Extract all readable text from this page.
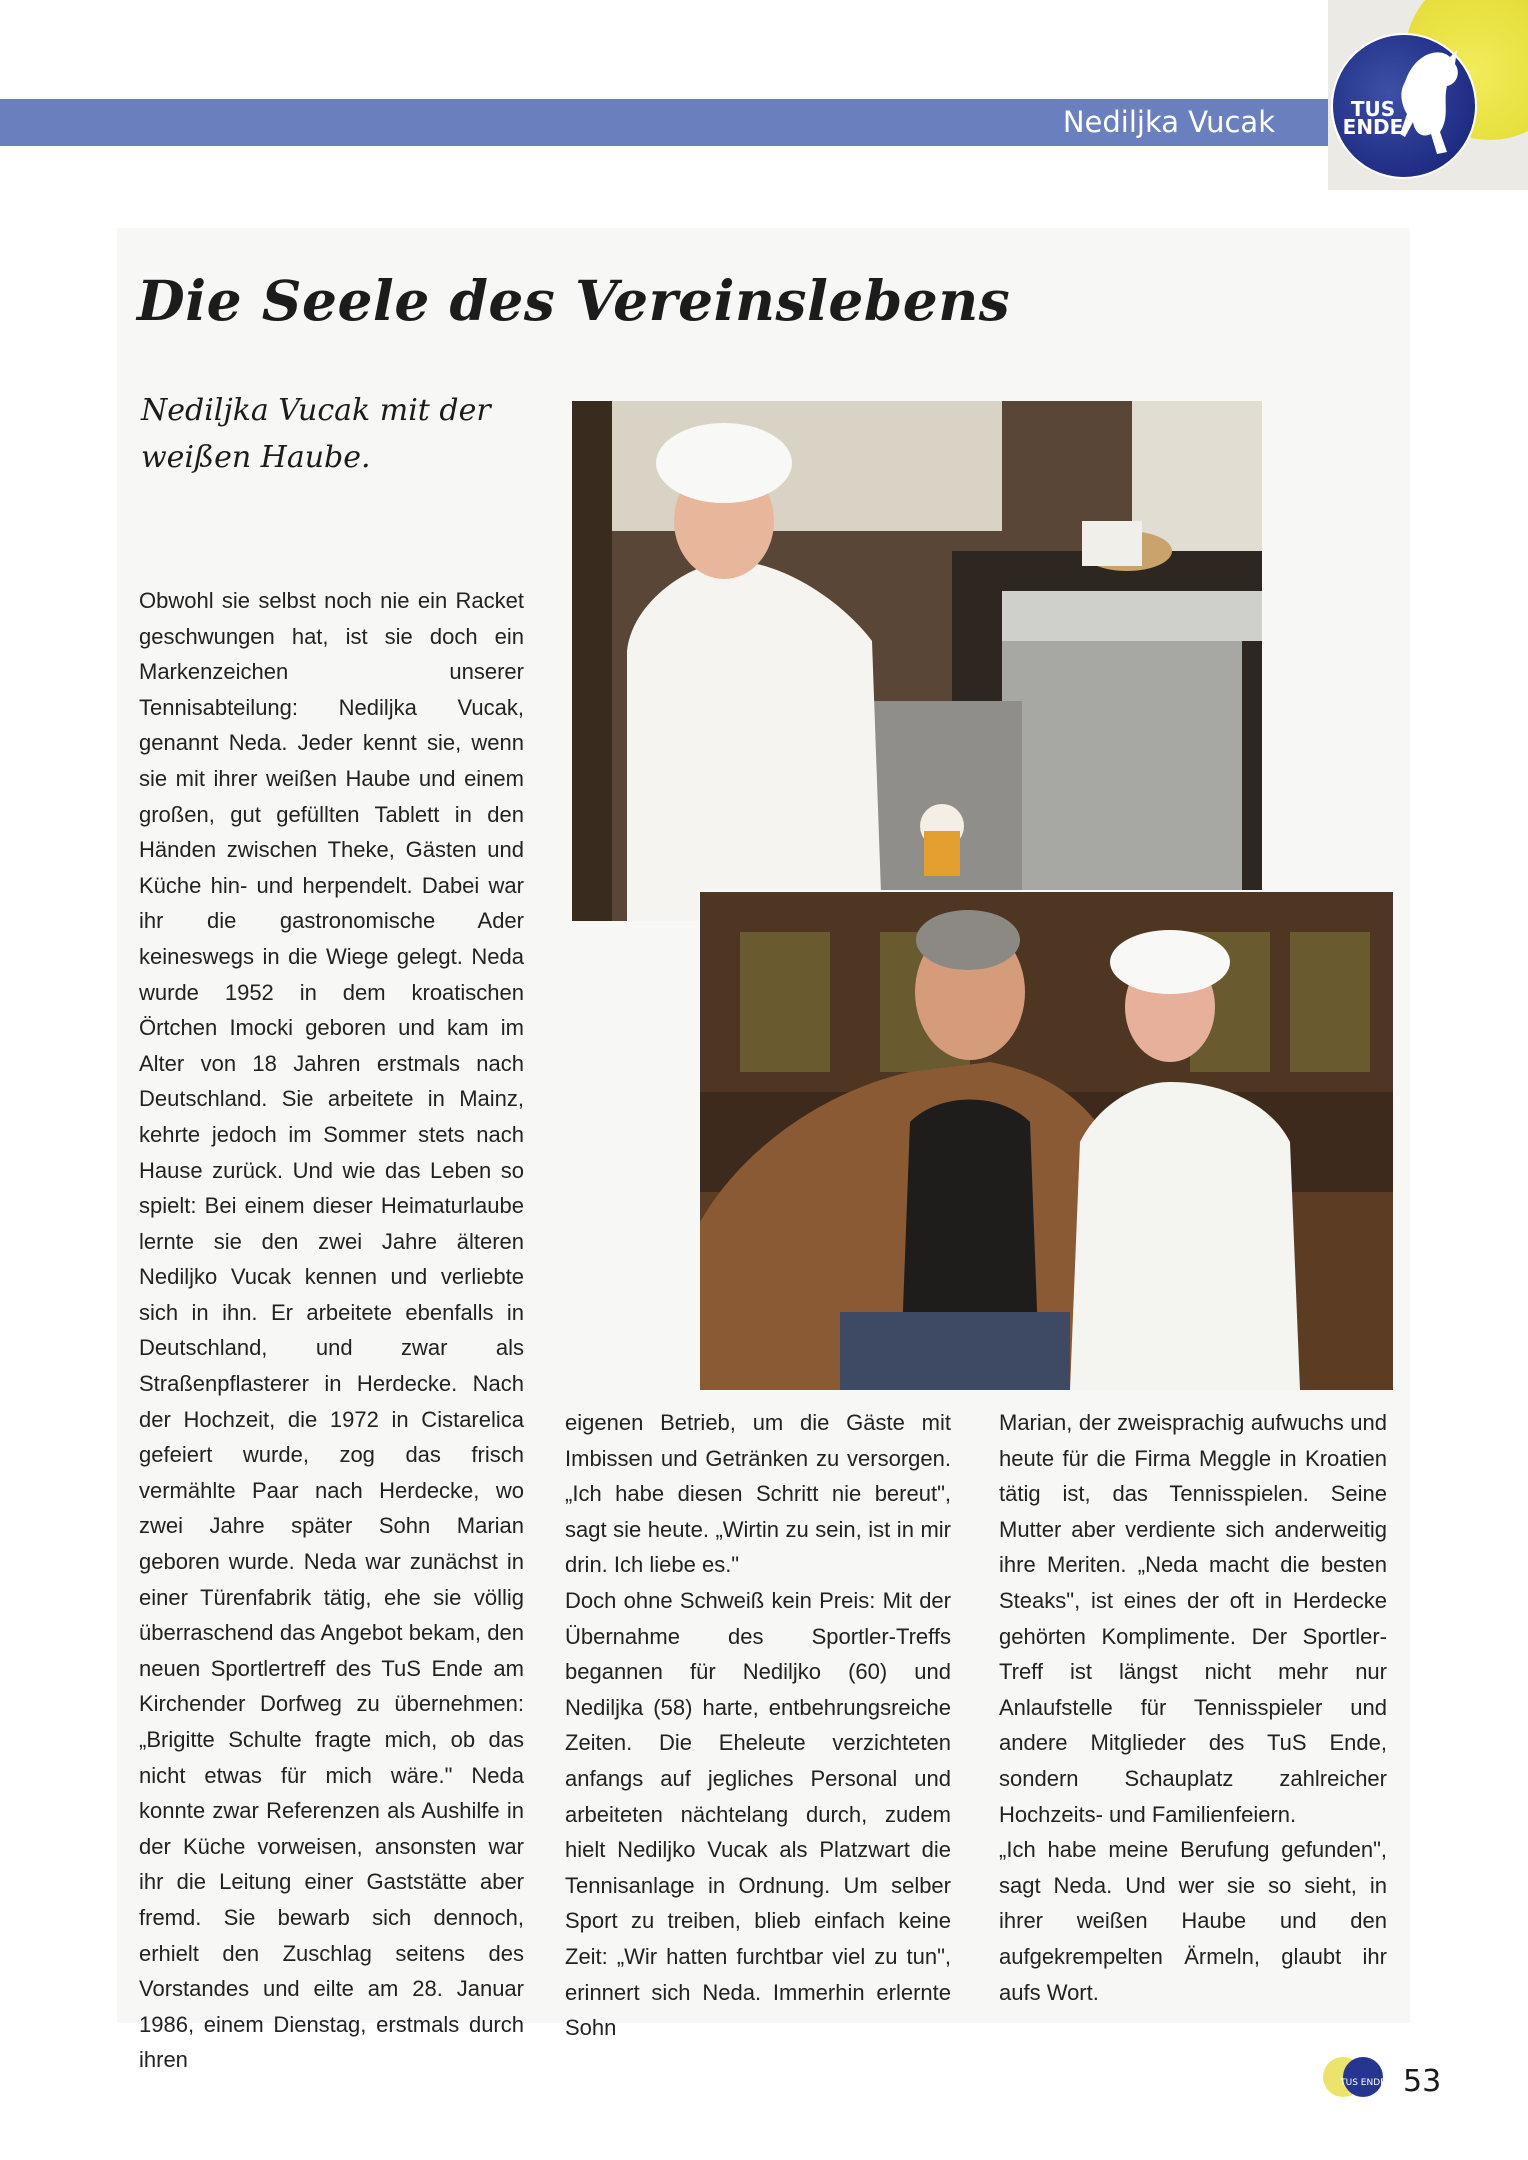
Nediljka Vucak	TUS
ENDE
Die Seele des Vereinslebens
Nediljka Vucak mit der weißen Haube.

Obwohl sie selbst noch nie ein Racket geschwungen hat, ist sie doch ein Markenzeichen unserer Tennisabteilung: Nediljka Vucak, genannt Neda. Jeder kennt sie, wenn sie mit ihrer weißen Haube und einem großen, gut gefüllten Tablett in den Händen zwischen Theke, Gästen und Küche hin- und herpendelt. Dabei war ihr die gastronomische Ader keineswegs in die Wiege gelegt. Neda wurde 1952 in dem kroatischen Örtchen Imocki geboren und kam im Alter von 18 Jahren erstmals nach Deutschland. Sie arbeitete in Mainz, kehrte jedoch im Sommer stets nach Hause zurück. Und wie das Leben so spielt: Bei einem dieser Heimaturlaube lernte sie den zwei Jahre älteren Nediljko Vucak kennen und verliebte sich in ihn. Er arbeitete ebenfalls in Deutschland, und zwar als Straßenpflasterer in Herdecke. Nach der Hochzeit, die 1972 in Cistarelica gefeiert wurde, zog das frisch vermählte Paar nach Herdecke, wo zwei Jahre später Sohn Marian geboren wurde. Neda war zunächst in einer Türenfabrik tätig, ehe sie völlig überraschend das Angebot bekam, den neuen Sportlertreff des TuS Ende am Kirchender Dorfweg zu übernehmen: „Brigitte Schulte fragte mich, ob das nicht etwas für mich wäre." Neda konnte zwar Referenzen als Aushilfe in der Küche vorweisen, ansonsten war ihr die Leitung einer Gaststätte aber fremd. Sie bewarb sich dennoch, erhielt den Zuschlag seitens des Vorstandes und eilte am 28. Januar 1986, einem Dienstag, erstmals durch ihren

eigenen Betrieb, um die Gäste mit Imbissen und Getränken zu versorgen. „Ich habe diesen Schritt nie bereut", sagt sie heute. „Wirtin zu sein, ist in mir drin. Ich liebe es."

Doch ohne Schweiß kein Preis: Mit der Übernahme des Sportler-Treffs begannen für Nediljko (60) und Nediljka (58) harte, entbehrungsreiche Zeiten. Die Eheleute verzichteten anfangs auf jegliches Personal und arbeiteten nächtelang durch, zudem hielt Nediljko Vucak als Platzwart die Tennisanlage in Ordnung. Um selber Sport zu treiben, blieb einfach keine Zeit: „Wir hatten furchtbar viel zu tun", erinnert sich Neda. Immerhin erlernte Sohn

Marian, der zweisprachig aufwuchs und heute für die Firma Meggle in Kroatien tätig ist, das Tennisspielen. Seine Mutter aber verdiente sich anderweitig ihre Meriten. „Neda macht die besten Steaks", ist eines der oft in Herdecke gehörten Komplimente. Der Sportler-Treff ist längst nicht mehr nur Anlaufstelle für Tennisspieler und andere Mitglieder des TuS Ende, sondern Schauplatz zahlreicher Hochzeits- und Familienfeiern.

„Ich habe meine Berufung gefunden", sagt Neda. Und wer sie so sieht, in ihrer weißen Haube und den aufgekrempelten Ärmeln, glaubt ihr aufs Wort.

TUS ENDE 53
